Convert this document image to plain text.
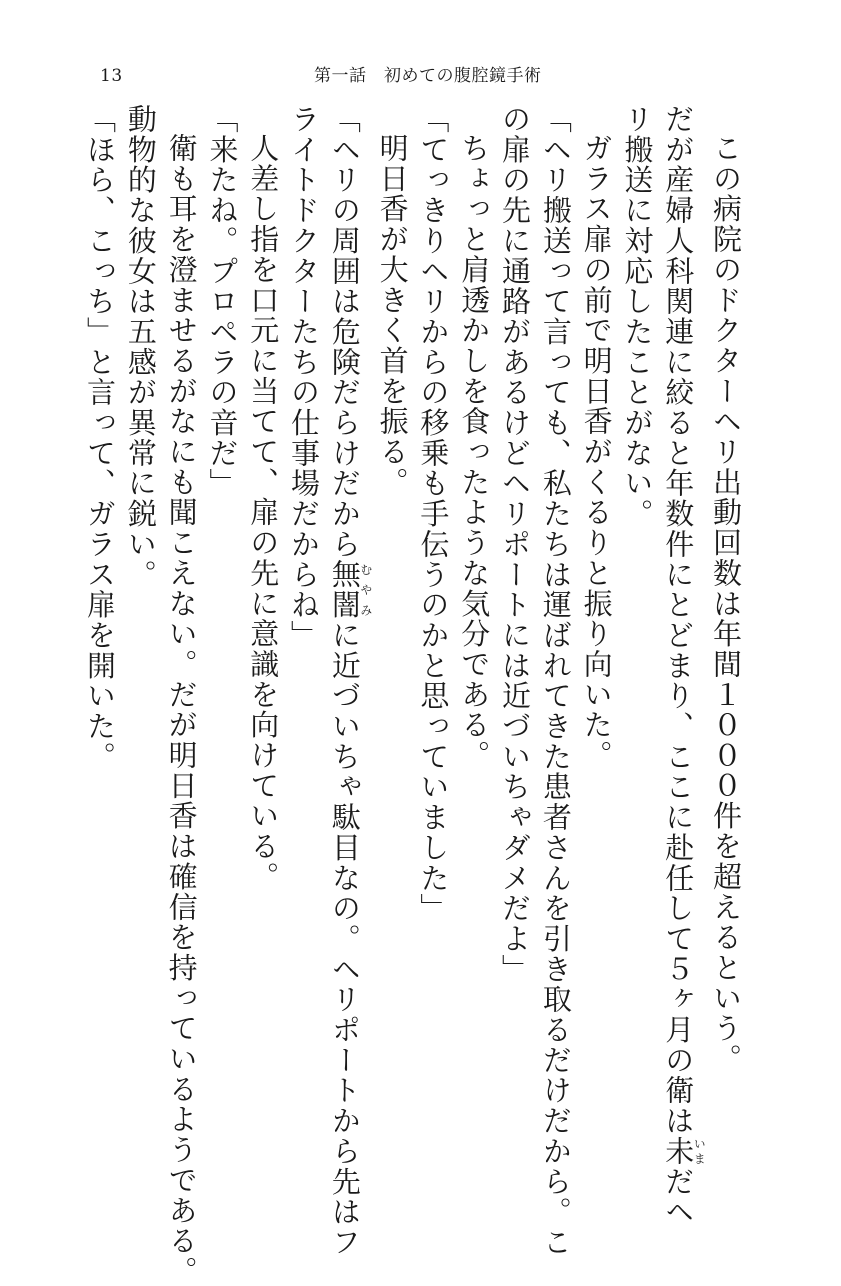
13	第一話　初めての腹腔鏡手術
この病院のドクターヘリ出動回数は年間１０００件を超えるという。
だが産婦人科関連に絞ると年数件にとどまり、ここに赴任して５ヶ月の衛は未いまだヘ
リ搬送に対応したことがない。
ガラス扉の前で明日香がくるりと振り向いた。
「ヘリ搬送って言っても、私たちは運ばれてきた患者さんを引き取るだけだから。こ
の扉の先に通路があるけどヘリポートには近づいちゃダメだよ」
ちょっと肩透かしを食ったような気分である。
「てっきりヘリからの移乗も手伝うのかと思っていました」
明日香が大きく首を振る。
「ヘリの周囲は危険だらけだから無闇むやみに近づいちゃ駄目なの。ヘリポートから先はフ
ライトドクターたちの仕事場だからね」
人差し指を口元に当てて、扉の先に意識を向けている。
「来たね。プロペラの音だ」
衛も耳を澄ませるがなにも聞こえない。だが明日香は確信を持っているようである。
動物的な彼女は五感が異常に鋭い。
「ほら、こっち」と言って、ガラス扉を開いた。
